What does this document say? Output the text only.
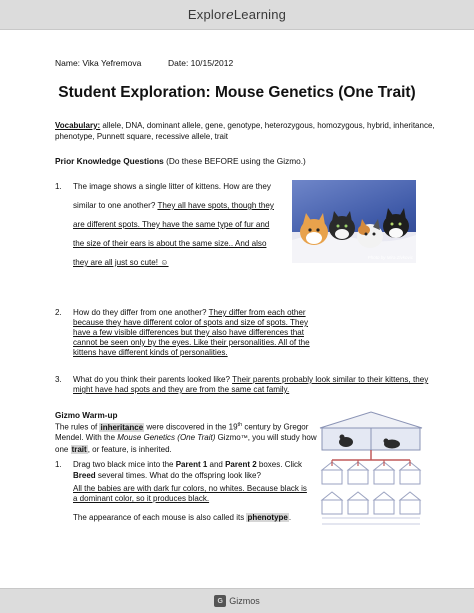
ExploreLearning
Name: Vika Yefremova	Date: 10/15/2012
Student Exploration: Mouse Genetics (One Trait)
Vocabulary: allele, DNA, dominant allele, gene, genotype, heterozygous, homozygous, hybrid, inheritance, phenotype, Punnett square, recessive allele, trait
Prior Knowledge Questions (Do these BEFORE using the Gizmo.)
1. The image shows a single litter of kittens. How are they
similar to one another? They all have spots, though they
are different spots. They have the same type of fur and
the size of their ears is about the same size.. And also
they are all just so cute! ☺
Photo by Mira Zivkovic
2. How do they differ from one another? They differ from each other because they have different color of spots and size of spots. They have a few visible differences but they also have differences that cannot be seen only by the eyes. Like their personalities. All of the kittens have different kinds of personalities.
3. What do you think their parents looked like? Their parents probably look similar to their kittens, they might have had spots and they are from the same cat family.
Gizmo Warm-up
The rules of inheritance were discovered in the 19th century by Gregor Mendel. With the Mouse Genetics (One Trait) Gizmo™, you will study how one trait, or feature, is inherited.
1. Drag two black mice into the Parent 1 and Parent 2 boxes. Click Breed several times. What do the offspring look like?
All the babies are with dark fur colors, no whites. Because black is a dominant color, so it produces black.
The appearance of each mouse is also called its phenotype.
G Gizmos
